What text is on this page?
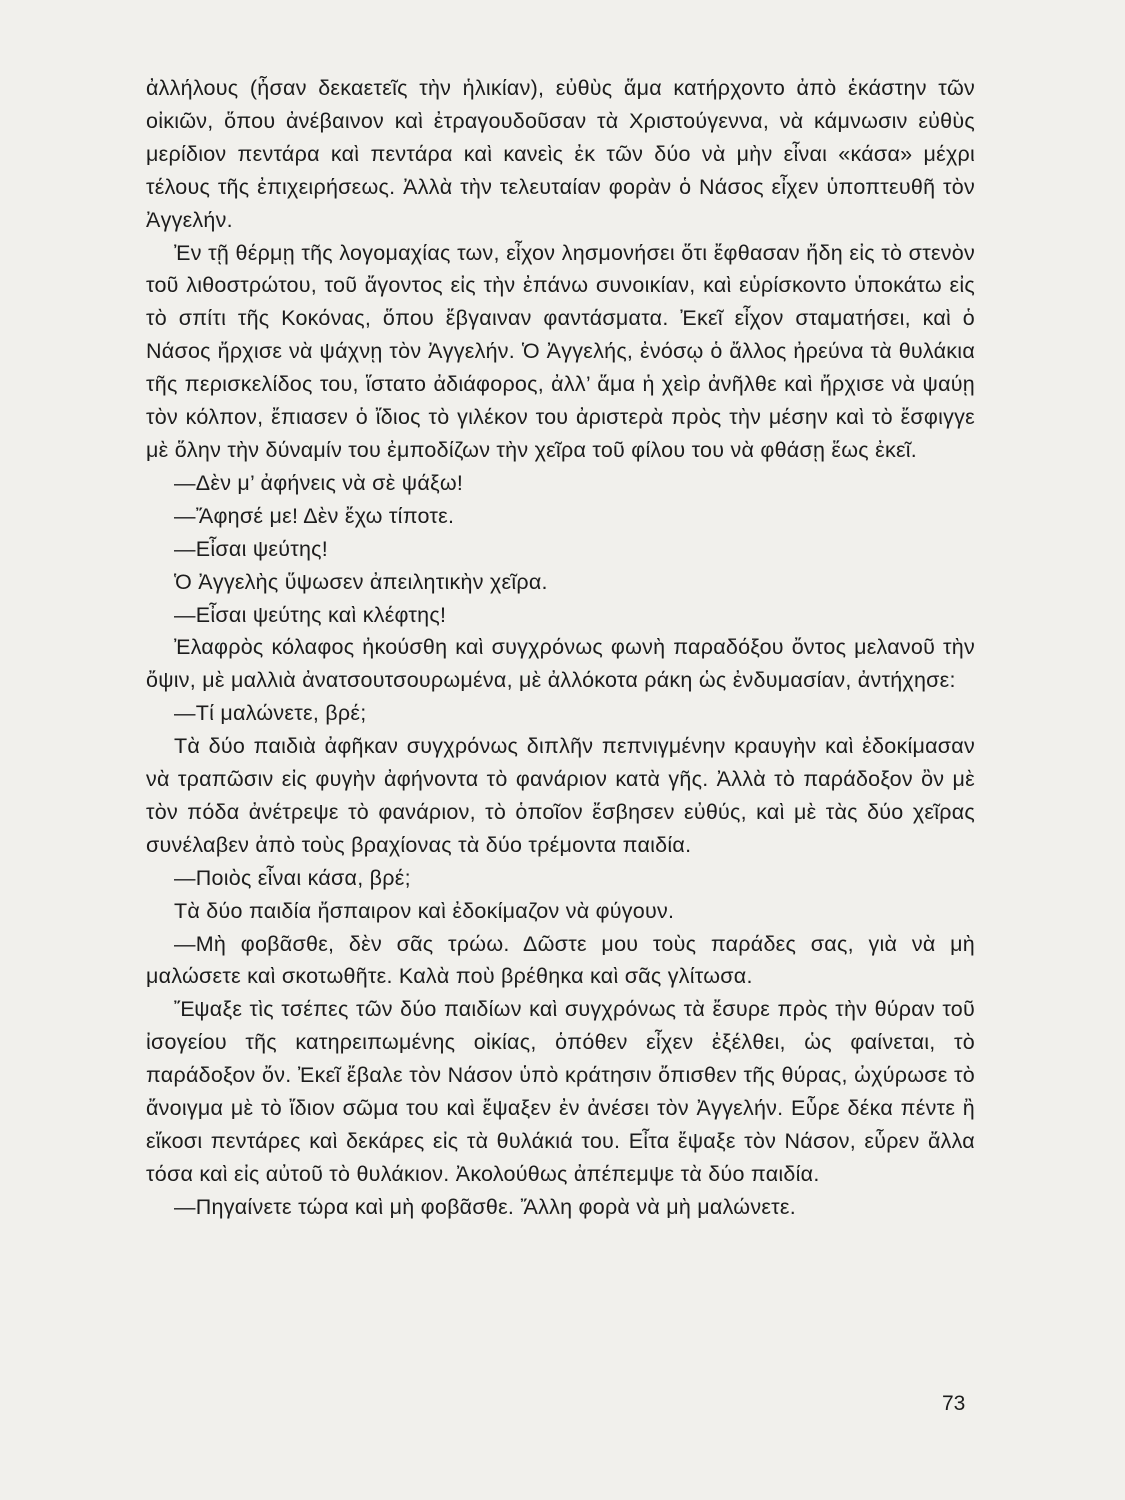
ἀλλήλους (ἦσαν δεκαετεῖς τὴν ἡλικίαν), εὐθὺς ἅμα κατήρχοντο ἀπὸ ἑκάστην τῶν οἰκιῶν, ὅπου ἀνέβαινον καὶ ἐτραγουδοῦσαν τὰ Χριστούγεννα, νὰ κάμνωσιν εὐθὺς μερίδιον πεντάρα καὶ πεντάρα καὶ κανεὶς ἐκ τῶν δύο νὰ μὴν εἶναι «κάσα» μέχρι τέλους τῆς ἐπιχειρήσεως. Ἀλλὰ τὴν τελευταίαν φορὰν ὁ Νάσος εἶχεν ὑποπτευθῆ τὸν Ἀγγελήν.

Ἐν τῇ θέρμῃ τῆς λογομαχίας των, εἶχον λησμονήσει ὅτι ἔφθασαν ἤδη εἰς τὸ στενὸν τοῦ λιθοστρώτου, τοῦ ἄγοντος εἰς τὴν ἐπάνω συνοικίαν, καὶ εὑρίσκοντο ὑποκάτω εἰς τὸ σπίτι τῆς Κοκόνας, ὅπου ἔβγαιναν φαντάσματα. Ἐκεῖ εἶχον σταματήσει, καὶ ὁ Νάσος ἤρχισε νὰ ψάχνῃ τὸν Ἀγγελήν. Ὁ Ἀγγελής, ἐνόσῳ ὁ ἄλλος ἠρεύνα τὰ θυλάκια τῆς περισκελίδος του, ἵστατο ἀδιάφορος, ἀλλ’ ἅμα ἡ χεὶρ ἀνῆλθε καὶ ἤρχισε νὰ ψαύῃ τὸν κόλπον, ἔπιασεν ὁ ἴδιος τὸ γιλέκον του ἀριστερὰ πρὸς τὴν μέσην καὶ τὸ ἔσφιγγε μὲ ὅλην τὴν δύναμίν του ἐμποδίζων τὴν χεῖρα τοῦ φίλου του νὰ φθάσῃ ἕως ἐκεῖ.

—Δὲν μ’ ἀφήνεις νὰ σὲ ψάξω!

—Ἄφησέ με! Δὲν ἔχω τίποτε.

—Εἶσαι ψεύτης!

Ὁ Ἀγγελὴς ὕψωσεν ἀπειλητικὴν χεῖρα.

—Εἶσαι ψεύτης καὶ κλέφτης!

Ἐλαφρὸς κόλαφος ἠκούσθη καὶ συγχρόνως φωνὴ παραδόξου ὄντος μελανοῦ τὴν ὄψιν, μὲ μαλλιὰ ἀνατσουτσουρωμένα, μὲ ἀλλόκοτα ράκη ὡς ἐνδυμασίαν, ἀντήχησε:

—Τί μαλώνετε, βρέ;

Τὰ δύο παιδιὰ ἀφῆκαν συγχρόνως διπλῆν πεπνιγμένην κραυγὴν καὶ ἐδοκίμασαν νὰ τραπῶσιν εἰς φυγὴν ἀφήνοντα τὸ φανάριον κατὰ γῆς. Ἀλλὰ τὸ παράδοξον ὂν μὲ τὸν πόδα ἀνέτρεψε τὸ φανάριον, τὸ ὁποῖον ἔσβησεν εὐθύς, καὶ μὲ τὰς δύο χεῖρας συνέλαβεν ἀπὸ τοὺς βραχίονας τὰ δύο τρέμοντα παιδία.

—Ποιὸς εἶναι κάσα, βρέ;

Τὰ δύο παιδία ἤσπαιρον καὶ ἐδοκίμαζον νὰ φύγουν.

—Μὴ φοβᾶσθε, δὲν σᾶς τρώω. Δῶστε μου τοὺς παράδες σας, γιὰ νὰ μὴ μαλώσετε καὶ σκοτωθῆτε. Καλὰ ποὺ βρέθηκα καὶ σᾶς γλίτωσα.

Ἔψαξε τὶς τσέπες τῶν δύο παιδίων καὶ συγχρόνως τὰ ἔσυρε πρὸς τὴν θύραν τοῦ ἰσογείου τῆς κατηρειπωμένης οἰκίας, ὁπόθεν εἶχεν ἐξέλθει, ὡς φαίνεται, τὸ παράδοξον ὄν. Ἐκεῖ ἔβαλε τὸν Νάσον ὑπὸ κράτησιν ὄπισθεν τῆς θύρας, ὠχύρωσε τὸ ἄνοιγμα μὲ τὸ ἴδιον σῶμα του καὶ ἔψαξεν ἐν ἀνέσει τὸν Ἀγγελήν. Εὗρε δέκα πέντε ἢ εἴκοσι πεντάρες καὶ δεκάρες εἰς τὰ θυλάκιά του. Εἶτα ἔψαξε τὸν Νάσον, εὗρεν ἄλλα τόσα καὶ εἰς αὐτοῦ τὸ θυλάκιον. Ἀκολούθως ἀπέπεμψε τὰ δύο παιδία.

—Πηγαίνετε τώρα καὶ μὴ φοβᾶσθε. Ἄλλη φορὰ νὰ μὴ μαλώνετε.

73
